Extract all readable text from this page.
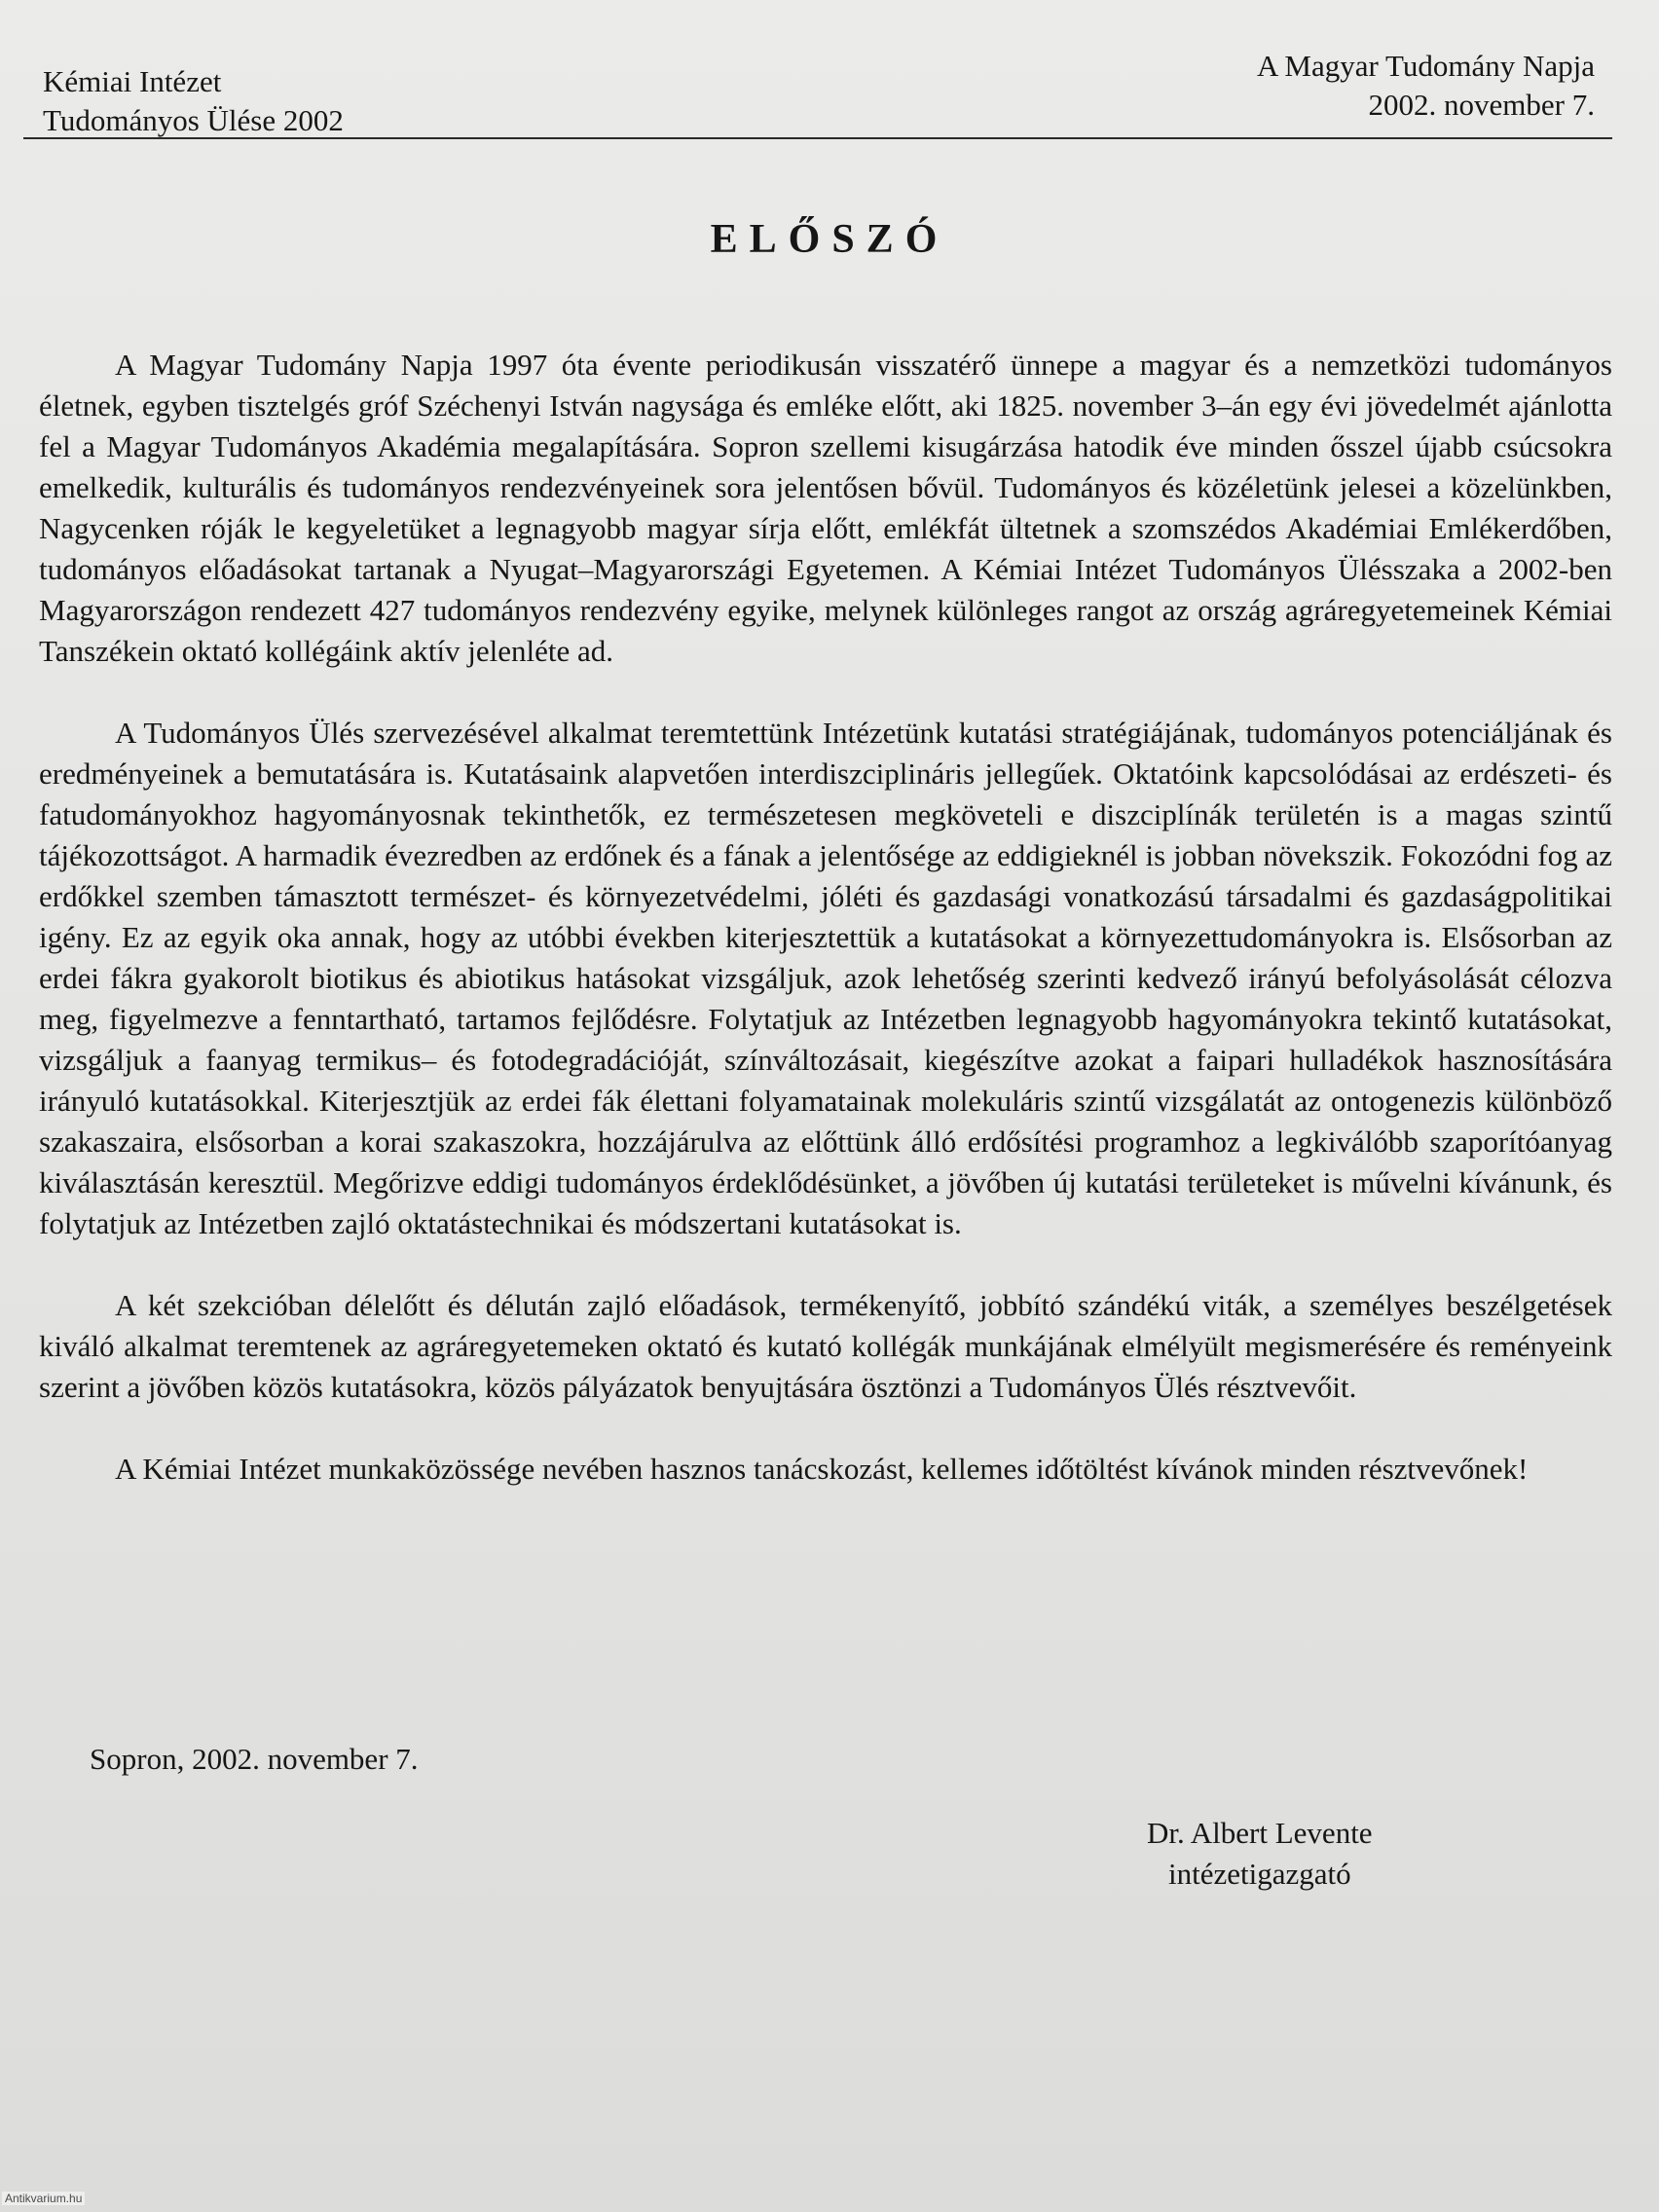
Kémiai Intézet
Tudományos Ülése 2002
A Magyar Tudomány Napja
2002. november 7.
ELŐSZÓ

A Magyar Tudomány Napja 1997 óta évente periodikusán visszatérő ünnepe a magyar és a nemzetközi tudományos életnek, egyben tisztelgés gróf Széchenyi István nagysága és emléke előtt, aki 1825. november 3–án egy évi jövedelmét ajánlotta fel a Magyar Tudományos Akadémia megalapítására. Sopron szellemi kisugárzása hatodik éve minden ősszel újabb csúcsokra emelkedik, kulturális és tudományos rendezvényeinek sora jelentősen bővül. Tudományos és közéletünk jelesei a közelünkben, Nagycenken róják le kegyeletüket a legnagyobb magyar sírja előtt, emlékfát ültetnek a szomszédos Akadémiai Emlékerdőben, tudományos előadásokat tartanak a Nyugat–Magyarországi Egyetemen. A Kémiai Intézet Tudományos Ülésszaka a 2002-ben Magyarországon rendezett 427 tudományos rendezvény egyike, melynek különleges rangot az ország agráregyetemeinek Kémiai Tanszékein oktató kollégáink aktív jelenléte ad.

A Tudományos Ülés szervezésével alkalmat teremtettünk Intézetünk kutatási stratégiájának, tudományos potenciáljának és eredményeinek a bemutatására is. Kutatásaink alapvetően interdiszciplináris jellegűek. Oktatóink kapcsolódásai az erdészeti- és fatudományokhoz hagyományosnak tekinthetők, ez természetesen megköveteli e diszciplínák területén is a magas szintű tájékozottságot. A harmadik évezredben az erdőnek és a fának a jelentősége az eddigieknél is jobban növekszik. Fokozódni fog az erdőkkel szemben támasztott természet- és környezetvédelmi, jóléti és gazdasági vonatkozású társadalmi és gazdaságpolitikai igény. Ez az egyik oka annak, hogy az utóbbi években kiterjesztettük a kutatásokat a környezettudományokra is. Elsősorban az erdei fákra gyakorolt biotikus és abiotikus hatásokat vizsgáljuk, azok lehetőség szerinti kedvező irányú befolyásolását célozva meg, figyelmezve a fenntartható, tartamos fejlődésre. Folytatjuk az Intézetben legnagyobb hagyományokra tekintő kutatásokat, vizsgáljuk a faanyag termikus– és fotodegradációját, színváltozásait, kiegészítve azokat a faipari hulladékok hasznosítására irányuló kutatásokkal. Kiterjesztjük az erdei fák élettani folyamatainak molekuláris szintű vizsgálatát az ontogenezis különböző szakaszaira, elsősorban a korai szakaszokra, hozzájárulva az előttünk álló erdősítési programhoz a legkiválóbb szaporítóanyag kiválasztásán keresztül. Megőrizve eddigi tudományos érdeklődésünket, a jövőben új kutatási területeket is művelni kívánunk, és folytatjuk az Intézetben zajló oktatástechnikai és módszertani kutatásokat is.

A két szekcióban délelőtt és délután zajló előadások, termékenyítő, jobbító szándékú viták, a személyes beszélgetések kiváló alkalmat teremtenek az agráregyetemeken oktató és kutató kollégák munkájának elmélyült megismerésére és reményeink szerint a jövőben közös kutatásokra, közös pályázatok benyujtására ösztönzi a Tudományos Ülés résztvevőit.

A Kémiai Intézet munkaközössége nevében hasznos tanácskozást, kellemes időtöltést kívánok minden résztvevőnek!

Sopron, 2002. november 7.
Dr. Albert Levente
intézetigazgató
Antikvarium.hu
